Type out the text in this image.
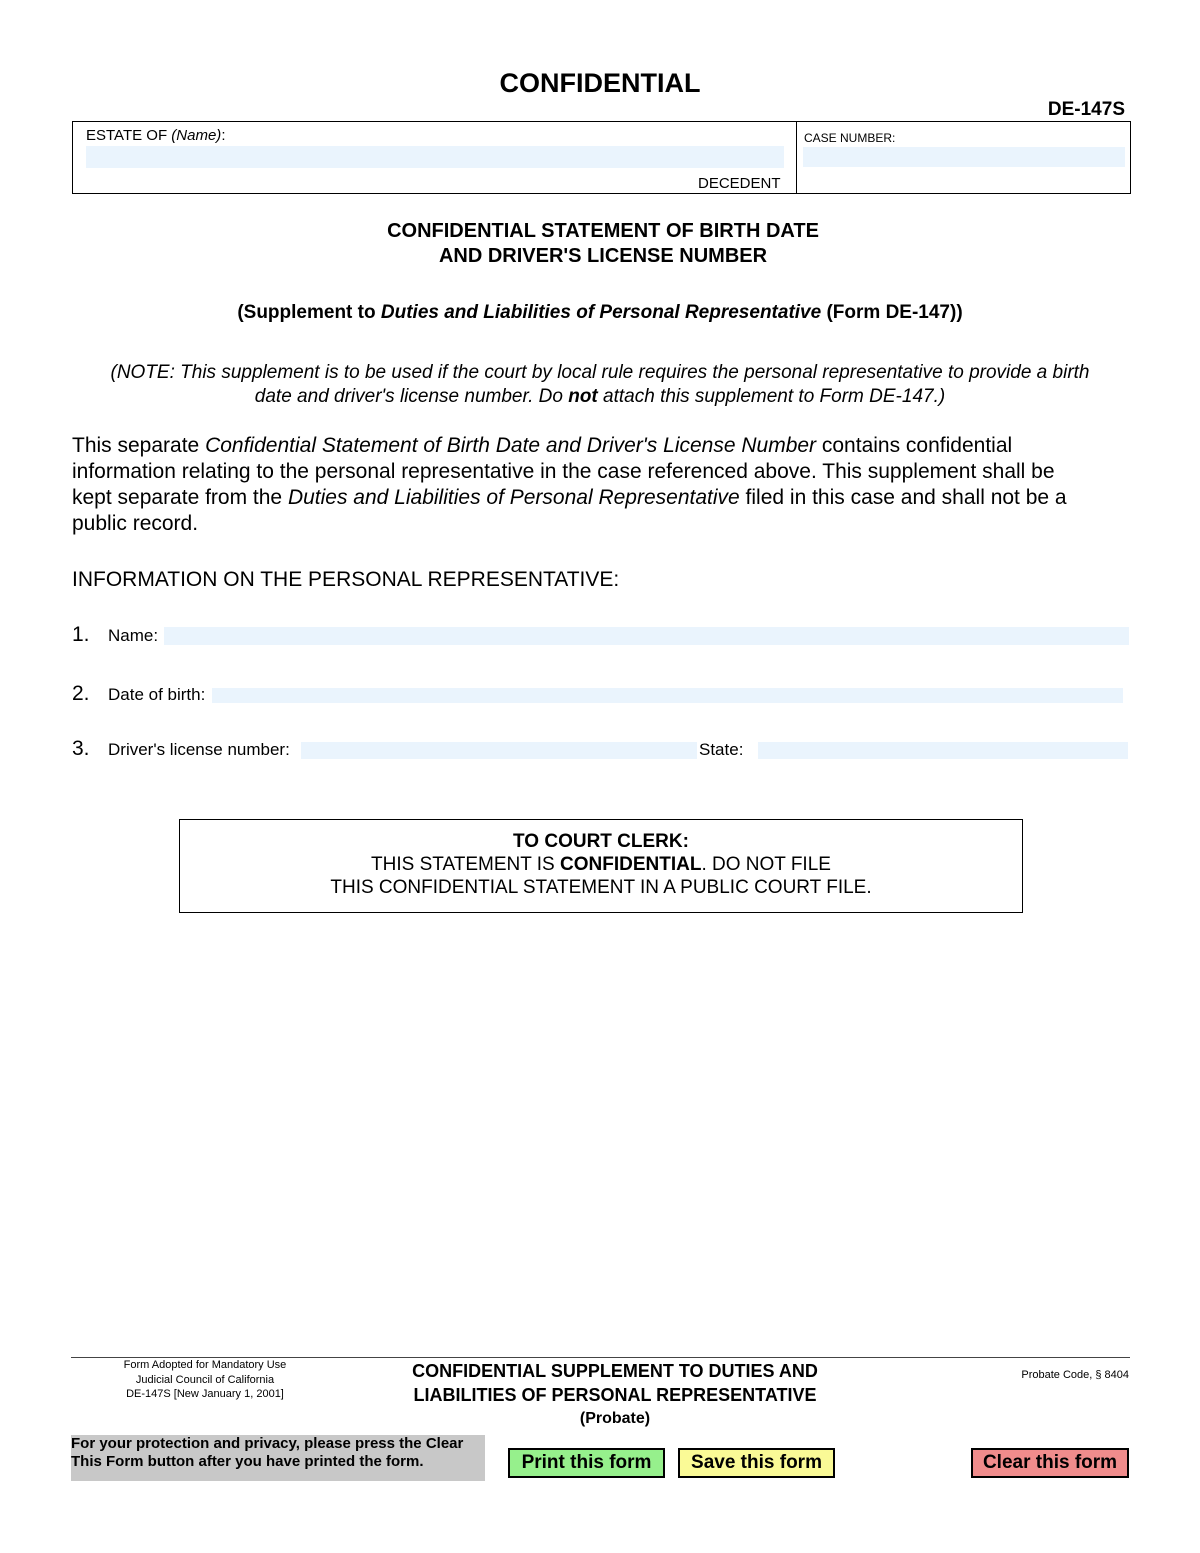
CONFIDENTIAL
DE-147S
ESTATE OF (Name):
DECEDENT
CASE NUMBER:
CONFIDENTIAL STATEMENT OF BIRTH DATE
AND DRIVER'S LICENSE NUMBER
(Supplement to Duties and Liabilities of Personal Representative (Form DE-147))
(NOTE: This supplement is to be used if the court by local rule requires the personal representative to provide a birth
date and driver's license number. Do not attach this supplement to Form DE-147.)
This separate Confidential Statement of Birth Date and Driver's License Number contains confidential
information relating to the personal representative in the case referenced above. This supplement shall be
kept separate from the Duties and Liabilities of Personal Representative filed in this case and shall not be a
public record.
INFORMATION ON THE PERSONAL REPRESENTATIVE:
1. Name:
2. Date of birth:
3. Driver's license number:	State:
TO COURT CLERK:
THIS STATEMENT IS CONFIDENTIAL. DO NOT FILE
THIS CONFIDENTIAL STATEMENT IN A PUBLIC COURT FILE.
Form Adopted for Mandatory Use
Judicial Council of California
DE-147S [New January 1, 2001]
CONFIDENTIAL SUPPLEMENT TO DUTIES AND
LIABILITIES OF PERSONAL REPRESENTATIVE
(Probate)
Probate Code, § 8404
For your protection and privacy, please press the Clear
This Form button after you have printed the form.	Print this form	Save this form	Clear this form
